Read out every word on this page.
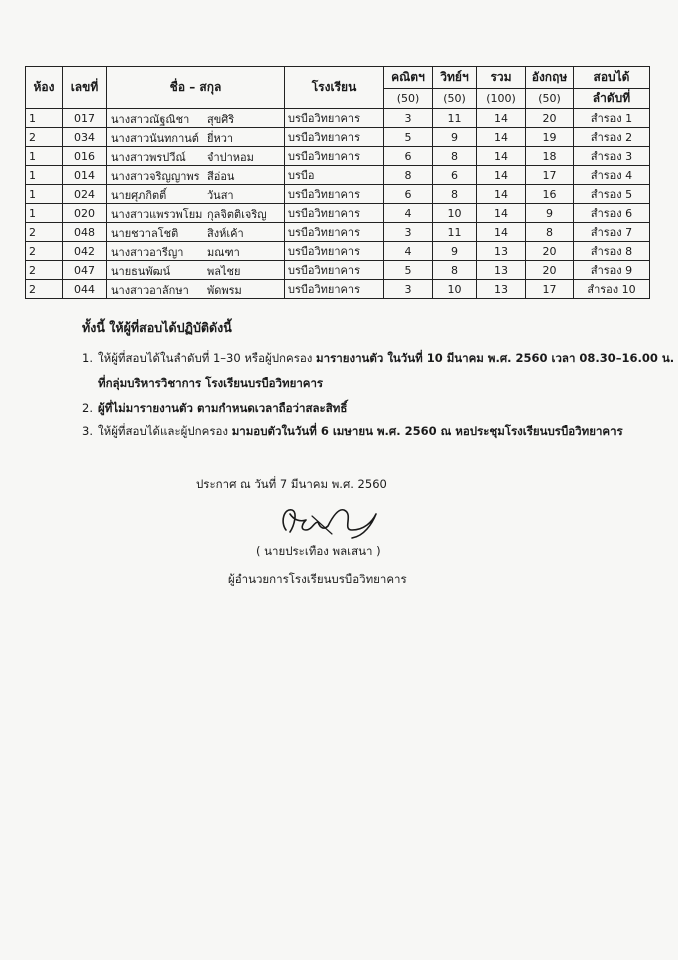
ห้อง	เลขที่	ชื่อ – สกุล	โรงเรียน	คณิตฯ	วิทย์ฯ	รวม	อังกฤษ	สอบได้
				(50)	(50)	(100)	(50)	ลำดับที่
1	017	นางสาวณัฐณิชา สุขศิริ	บรบือวิทยาคาร	3	11	14	20	สำรอง 1
2	034	นางสาวนันทกานต์ ยี่หวา	บรบือวิทยาคาร	5	9	14	19	สำรอง 2
1	016	นางสาวพรปวีณ์ จำปาหอม	บรบือวิทยาคาร	6	8	14	18	สำรอง 3
1	014	นางสาวจริญญาพร สีอ่อน	บรบือ	8	6	14	17	สำรอง 4
1	024	นายศุภกิตติ์ วันสา	บรบือวิทยาคาร	6	8	14	16	สำรอง 5
1	020	นางสาวแพรวพโยม กุลจิตติเจริญ	บรบือวิทยาคาร	4	10	14	9	สำรอง 6
2	048	นายชวาลโชติ สิงห์เค้า	บรบือวิทยาคาร	3	11	14	8	สำรอง 7
2	042	นางสาวอารีญา มณฑา	บรบือวิทยาคาร	4	9	13	20	สำรอง 8
2	047	นายธนพัฒน์ พลไชย	บรบือวิทยาคาร	5	8	13	20	สำรอง 9
2	044	นางสาวอาลักษา พัดพรม	บรบือวิทยาคาร	3	10	13	17	สำรอง 10
ทั้งนี้ ให้ผู้ที่สอบได้ปฏิบัติดังนี้
1. ให้ผู้ที่สอบได้ในลำดับที่ 1–30 หรือผู้ปกครอง มารายงานตัว ในวันที่ 10 มีนาคม พ.ศ. 2560 เวลา 08.30–16.00 น.
ที่กลุ่มบริหารวิชาการ โรงเรียนบรบือวิทยาคาร
2. ผู้ที่ไม่มารายงานตัว ตามกำหนดเวลาถือว่าสละสิทธิ์
3. ให้ผู้ที่สอบได้และผู้ปกครอง มามอบตัวในวันที่ 6 เมษายน พ.ศ. 2560 ณ หอประชุมโรงเรียนบรบือวิทยาคาร
ประกาศ ณ วันที่ 7 มีนาคม พ.ศ. 2560
( นายประเทือง พลเสนา )
ผู้อำนวยการโรงเรียนบรบือวิทยาคาร
